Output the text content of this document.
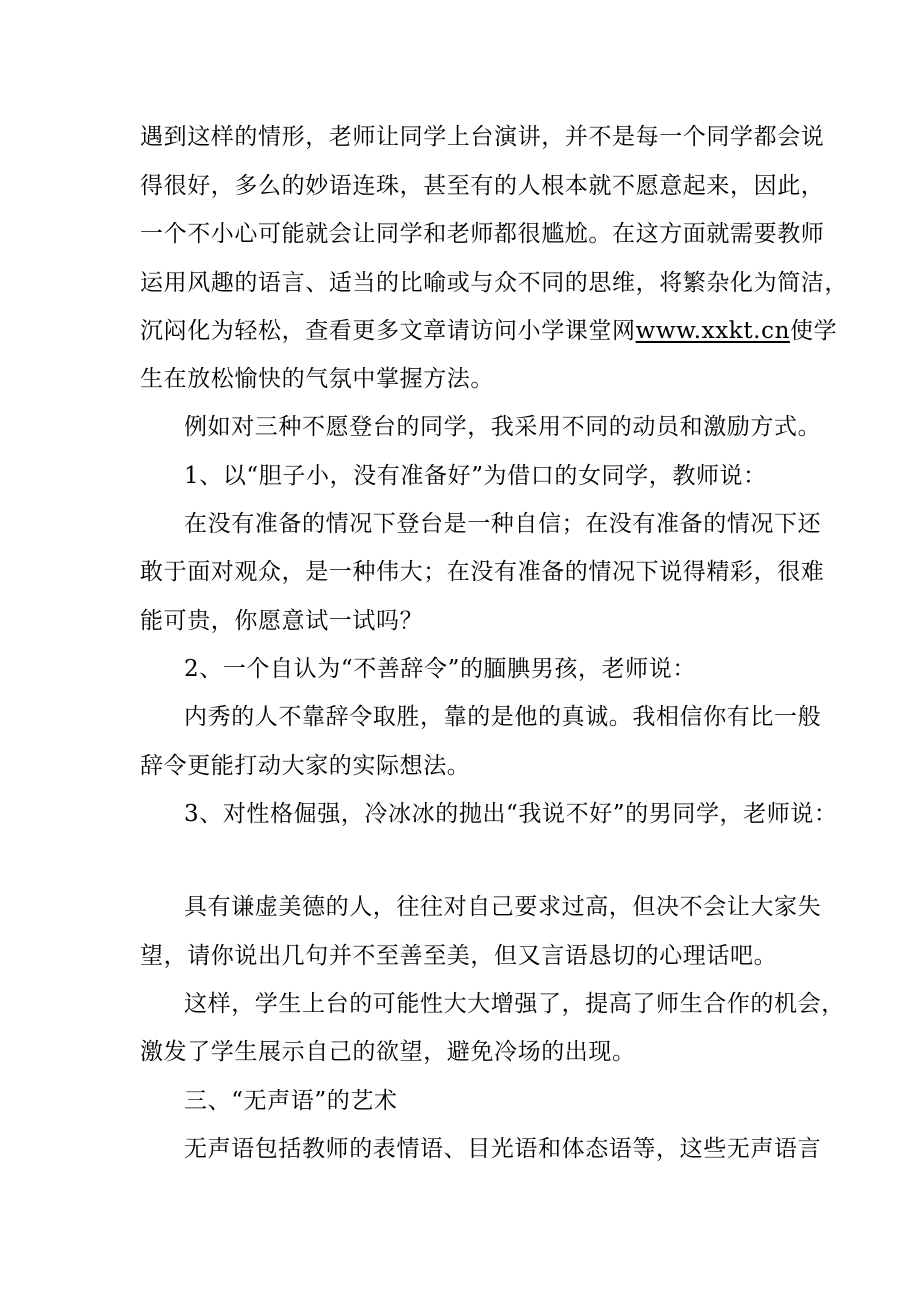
遇到这样的情形，老师让同学上台演讲，并不是每一个同学都会说
得很好，多么的妙语连珠，甚至有的人根本就不愿意起来，因此，
一个不小心可能就会让同学和老师都很尴尬。在这方面就需要教师
运用风趣的语言、适当的比喻或与众不同的思维，将繁杂化为简洁，
沉闷化为轻松，查看更多文章请访问小学课堂网www.xxkt.cn使学
生在放松愉快的气氛中掌握方法。
例如对三种不愿登台的同学，我采用不同的动员和激励方式。
1、以“胆子小，没有准备好”为借口的女同学，教师说：
在没有准备的情况下登台是一种自信；在没有准备的情况下还
敢于面对观众，是一种伟大；在没有准备的情况下说得精彩，很难
能可贵，你愿意试一试吗？
2、一个自认为“不善辞令”的腼腆男孩，老师说：
内秀的人不靠辞令取胜，靠的是他的真诚。我相信你有比一般
辞令更能打动大家的实际想法。
3、对性格倔强，冷冰冰的抛出“我说不好”的男同学，老师说：
具有谦虚美德的人，往往对自己要求过高，但决不会让大家失
望，请你说出几句并不至善至美，但又言语恳切的心理话吧。
这样，学生上台的可能性大大增强了，提高了师生合作的机会，
激发了学生展示自己的欲望，避免冷场的出现。
三、“无声语”的艺术
无声语包括教师的表情语、目光语和体态语等，这些无声语言
